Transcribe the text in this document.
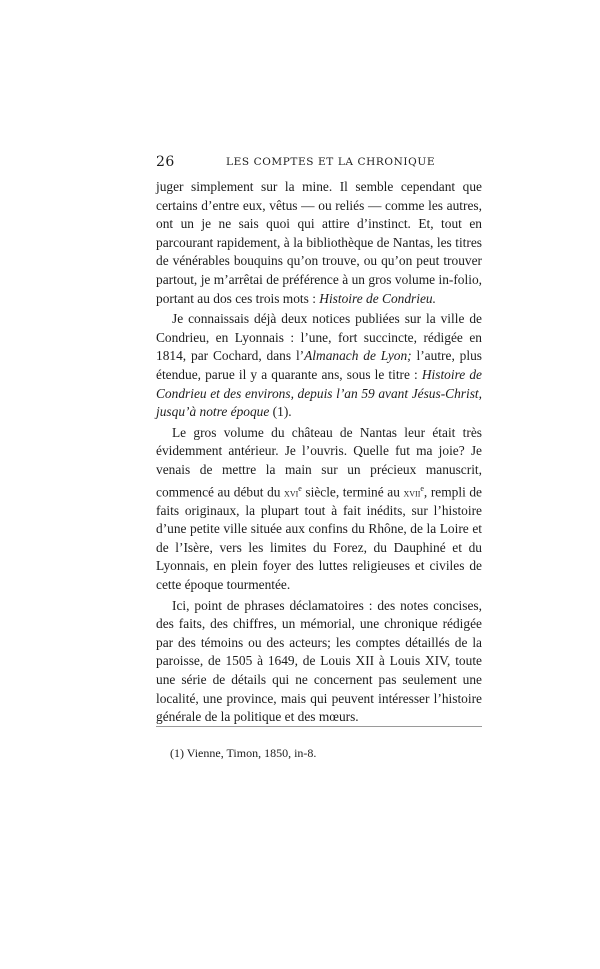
26	LES COMPTES ET LA CHRONIQUE

juger simplement sur la mine. Il semble cependant que certains d’entre eux, vêtus — ou reliés — comme les autres, ont un je ne sais quoi qui attire d’instinct. Et, tout en parcourant rapidement, à la bibliothèque de Nantas, les titres de vénérables bouquins qu’on trouve, ou qu’on peut trouver partout, je m’arrêtai de préférence à un gros volume in-folio, portant au dos ces trois mots : Histoire de Condrieu.

Je connaissais déjà deux notices publiées sur la ville de Condrieu, en Lyonnais : l’une, fort succincte, rédigée en 1814, par Cochard, dans l’Almanach de Lyon; l’autre, plus étendue, parue il y a quarante ans, sous le titre : Histoire de Condrieu et des environs, depuis l’an 59 avant Jésus-Christ, jusqu’à notre époque (1).

Le gros volume du château de Nantas leur était très évidemment antérieur. Je l’ouvris. Quelle fut ma joie? Je venais de mettre la main sur un précieux manuscrit, commencé au début du xvi$^e$ siècle, terminé au xvii$^e$, rempli de faits originaux, la plupart tout à fait inédits, sur l’histoire d’une petite ville située aux confins du Rhône, de la Loire et de l’Isère, vers les limites du Forez, du Dauphiné et du Lyonnais, en plein foyer des luttes religieuses et civiles de cette époque tourmentée.

Ici, point de phrases déclamatoires : des notes concises, des faits, des chiffres, un mémorial, une chronique rédigée par des témoins ou des acteurs; les comptes détaillés de la paroisse, de 1505 à 1649, de Louis XII à Louis XIV, toute une série de détails qui ne concernent pas seulement une localité, une province, mais qui peuvent intéresser l’histoire générale de la politique et des mœurs.

(1) Vienne, Timon, 1850, in-8.
